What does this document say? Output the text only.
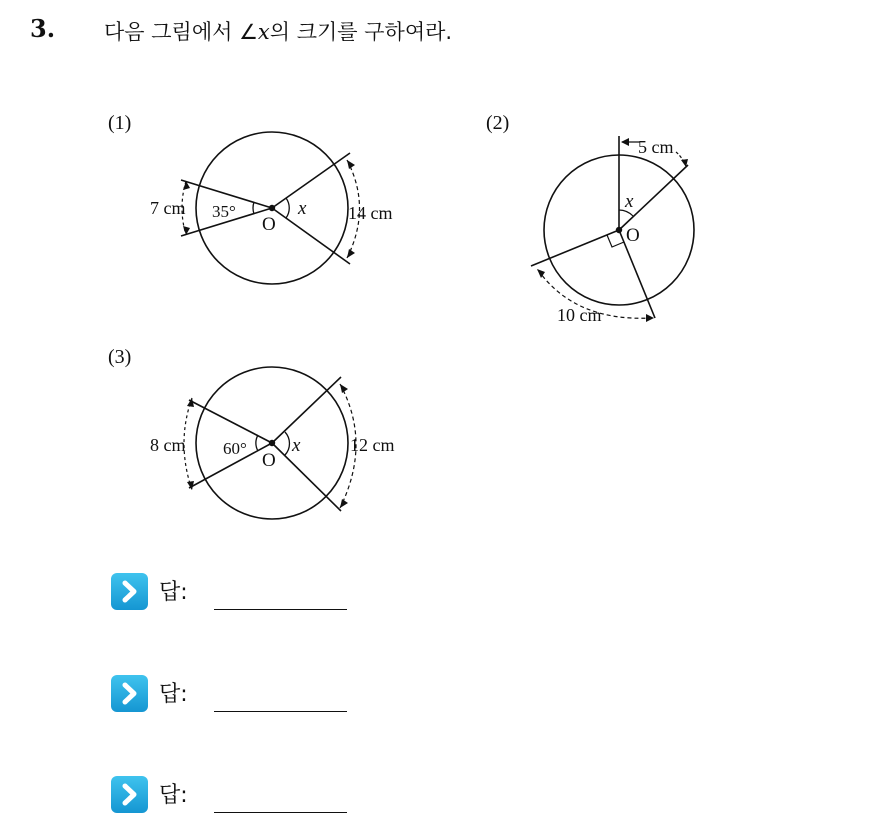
3. 다음 그림에서 ∠x의 크기를 구하여라.
(1)	(2)
(3)
7 cm 35°
O
x 14 cm
5 cm
x
O
10 cm
8 cm 60°
O
x	12 cm
답:
답:
답:
